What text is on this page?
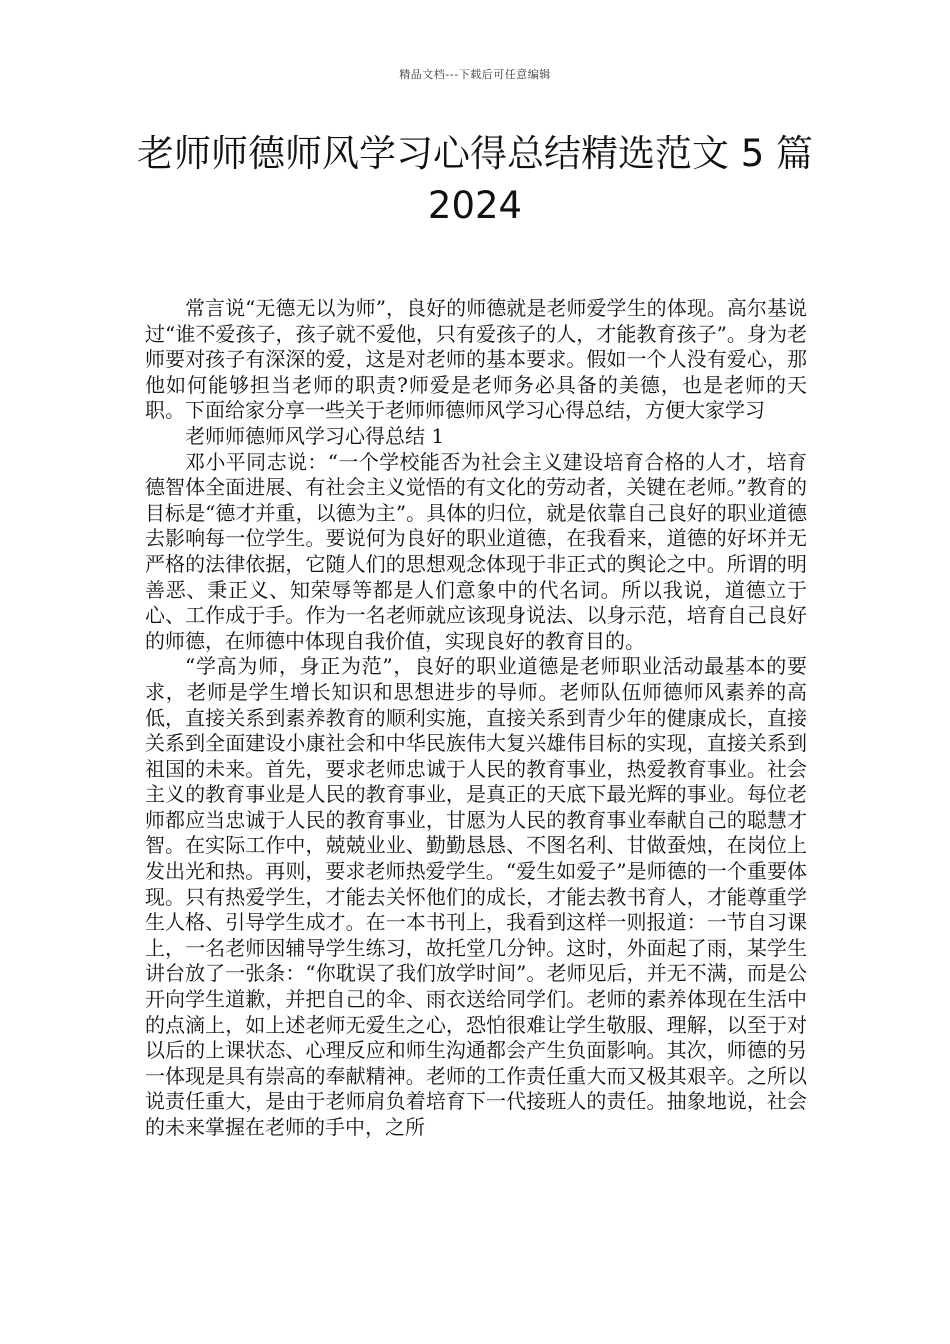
精品文档---下载后可任意编辑
老师师德师风学习心得总结精选范文 5 篇 2024

常言说“无德无以为师”，良好的师德就是老师爱学生的体现。高尔基说过“谁不爱孩子，孩子就不爱他，只有爱孩子的人，才能教育孩子”。身为老师要对孩子有深深的爱，这是对老师的基本要求。假如一个人没有爱心，那他如何能够担当老师的职责?师爱是老师务必具备的美德，也是老师的天职。下面给家分享一些关于老师师德师风学习心得总结，方便大家学习

老师师德师风学习心得总结 1

邓小平同志说：“一个学校能否为社会主义建设培育合格的人才，培育德智体全面进展、有社会主义觉悟的有文化的劳动者，关键在老师。”教育的目标是“德才并重，以德为主”。具体的归位，就是依靠自己良好的职业道德去影响每一位学生。要说何为良好的职业道德，在我看来，道德的好坏并无严格的法律依据，它随人们的思想观念体现于非正式的舆论之中。所谓的明善恶、秉正义、知荣辱等都是人们意象中的代名词。所以我说，道德立于心、工作成于手。作为一名老师就应该现身说法、以身示范，培育自己良好的师德，在师德中体现自我价值，实现良好的教育目的。

“学高为师，身正为范”，良好的职业道德是老师职业活动最基本的要求，老师是学生增长知识和思想进步的导师。老师队伍师德师风素养的高低，直接关系到素养教育的顺利实施，直接关系到青少年的健康成长，直接关系到全面建设小康社会和中华民族伟大复兴雄伟目标的实现，直接关系到祖国的未来。首先，要求老师忠诚于人民的教育事业，热爱教育事业。社会主义的教育事业是人民的教育事业，是真正的天底下最光辉的事业。每位老师都应当忠诚于人民的教育事业，甘愿为人民的教育事业奉献自己的聪慧才智。在实际工作中，兢兢业业、勤勤恳恳、不图名利、甘做蚕烛，在岗位上发出光和热。再则，要求老师热爱学生。“爱生如爱子”是师德的一个重要体现。只有热爱学生，才能去关怀他们的成长，才能去教书育人，才能尊重学生人格、引导学生成才。在一本书刊上，我看到这样一则报道：一节自习课上，一名老师因辅导学生练习，故托堂几分钟。这时，外面起了雨，某学生讲台放了一张条：“你耽误了我们放学时间”。老师见后，并无不满，而是公开向学生道歉，并把自己的伞、雨衣送给同学们。老师的素养体现在生活中的点滴上，如上述老师无爱生之心，恐怕很难让学生敬服、理解，以至于对以后的上课状态、心理反应和师生沟通都会产生负面影响。其次，师德的另一体现是具有崇高的奉献精神。老师的工作责任重大而又极其艰辛。之所以说责任重大，是由于老师肩负着培育下一代接班人的责任。抽象地说，社会的未来掌握在老师的手中，之所
